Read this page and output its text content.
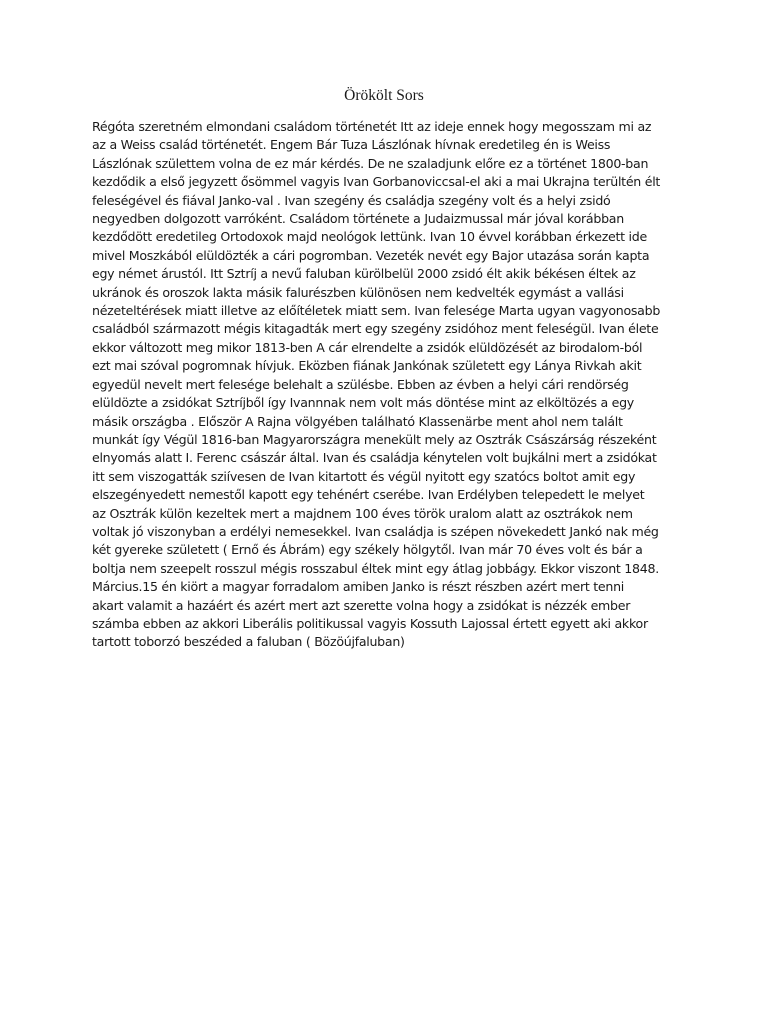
Örökölt Sors
Régóta szeretném elmondani családom történetét Itt az ideje ennek hogy megosszam mi az
az a Weiss család történetét. Engem Bár Tuza Lászlónak hívnak eredetileg én is Weiss
Lászlónak születtem volna de ez már kérdés. De ne szaladjunk előre ez a történet 1800-ban
kezdődik a első jegyzett ősömmel vagyis Ivan Gorbanoviccsal-el aki a mai Ukrajna terültén élt
feleségével és fiával Janko-val . Ivan szegény és családja szegény volt és a helyi zsidó
negyedben dolgozott varróként. Családom története a Judaizmussal már jóval korábban
kezdődött eredetileg Ortodoxok majd neológok lettünk. Ivan 10 évvel korábban érkezett ide
mivel Moszkából elüldözték a cári pogromban. Vezeték nevét egy Bajor utazása során kapta
egy német árustól. Itt Sztríj a nevű faluban kürölbelül 2000 zsidó élt akik békésen éltek az
ukránok és oroszok lakta másik falurészben különösen nem kedvelték egymást a vallási
nézeteltérések miatt illetve az előítéletek miatt sem. Ivan felesége Marta ugyan vagyonosabb
családból származott mégis kitagadták mert egy szegény zsidóhoz ment feleségül. Ivan élete
ekkor változott meg mikor 1813-ben A cár elrendelte a zsidók elüldözését az birodalom-ból
ezt mai szóval pogromnak hívjuk. Eközben fiának Jankónak született egy Lánya Rivkah akit
egyedül nevelt mert felesége belehalt a szülésbe. Ebben az évben a helyi cári rendörség
elüldözte a zsidókat Sztríjből így Ivannnak nem volt más döntése mint az elköltözés a egy
másik országba . Először A Rajna völgyében található Klassenärbe ment ahol nem talált
munkát így Végül 1816-ban Magyarországra menekült mely az Osztrák Császárság részeként
elnyomás alatt I. Ferenc császár által. Ivan és családja kénytelen volt bujkálni mert a zsidókat
itt sem viszogatták sziívesen de Ivan kitartott és végül nyitott egy szatócs boltot amit egy
elszegényedett nemestől kapott egy tehénért cserébe. Ivan Erdélyben telepedett le melyet
az Osztrák külön kezeltek mert a majdnem 100 éves török uralom alatt az osztrákok nem
voltak jó viszonyban a erdélyi nemesekkel. Ivan családja is szépen növekedett Jankó nak még
két gyereke született ( Ernő és Ábrám) egy székely hölgytől. Ivan már 70 éves volt és bár a
boltja nem szeepelt rosszul mégis rosszabul éltek mint egy átlag jobbágy. Ekkor viszont 1848.
Március.15 én kiört a magyar forradalom amiben Janko is részt részben azért mert tenni
akart valamit a hazáért és azért mert azt szerette volna hogy a zsidókat is nézzék ember
számba ebben az akkori Liberális politikussal vagyis Kossuth Lajossal értett egyett aki akkor
tartott toborzó beszéded a faluban ( Bözöújfaluban)
